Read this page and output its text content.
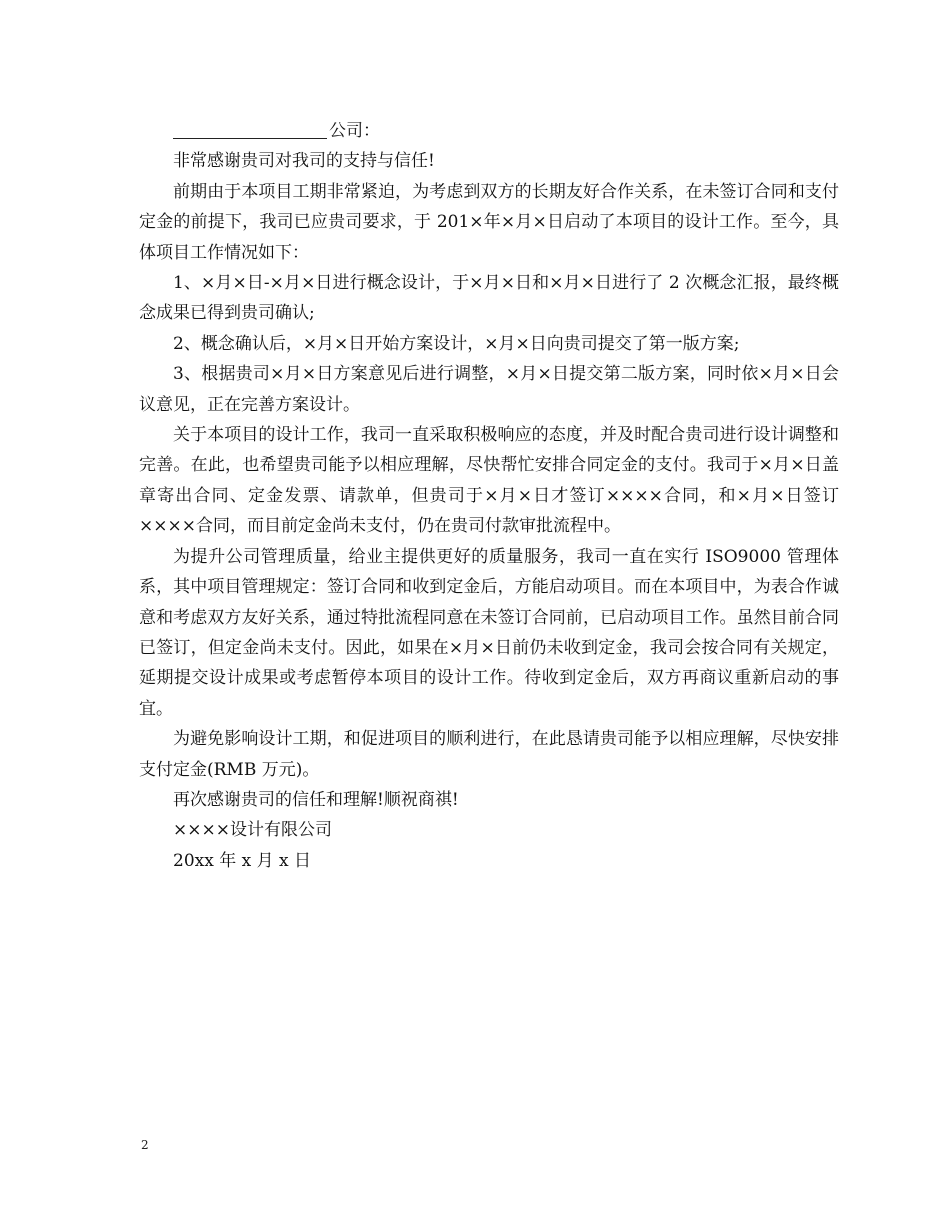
公司：

非常感谢贵司对我司的支持与信任!

前期由于本项目工期非常紧迫，为考虑到双方的长期友好合作关系，在未签订合同和支付定金的前提下，我司已应贵司要求，于 201×年×月×日启动了本项目的设计工作。至今，具体项目工作情况如下：

1、×月×日-×月×日进行概念设计，于×月×日和×月×日进行了 2 次概念汇报，最终概念成果已得到贵司确认;

2、概念确认后，×月×日开始方案设计，×月×日向贵司提交了第一版方案;

3、根据贵司×月×日方案意见后进行调整，×月×日提交第二版方案，同时依×月×日会议意见，正在完善方案设计。

关于本项目的设计工作，我司一直采取积极响应的态度，并及时配合贵司进行设计调整和完善。在此，也希望贵司能予以相应理解，尽快帮忙安排合同定金的支付。我司于×月×日盖章寄出合同、定金发票、请款单，但贵司于×月×日才签订××××合同，和×月×日签订××××合同，而目前定金尚未支付，仍在贵司付款审批流程中。

为提升公司管理质量，给业主提供更好的质量服务，我司一直在实行 ISO9000 管理体系，其中项目管理规定：签订合同和收到定金后，方能启动项目。而在本项目中，为表合作诚意和考虑双方友好关系，通过特批流程同意在未签订合同前，已启动项目工作。虽然目前合同已签订，但定金尚未支付。因此，如果在×月×日前仍未收到定金，我司会按合同有关规定，延期提交设计成果或考虑暂停本项目的设计工作。待收到定金后，双方再商议重新启动的事宜。

为避免影响设计工期，和促进项目的顺利进行，在此恳请贵司能予以相应理解，尽快安排支付定金(RMB 万元)。

再次感谢贵司的信任和理解!顺祝商祺!

××××设计有限公司

20xx 年 x 月 x 日

2
